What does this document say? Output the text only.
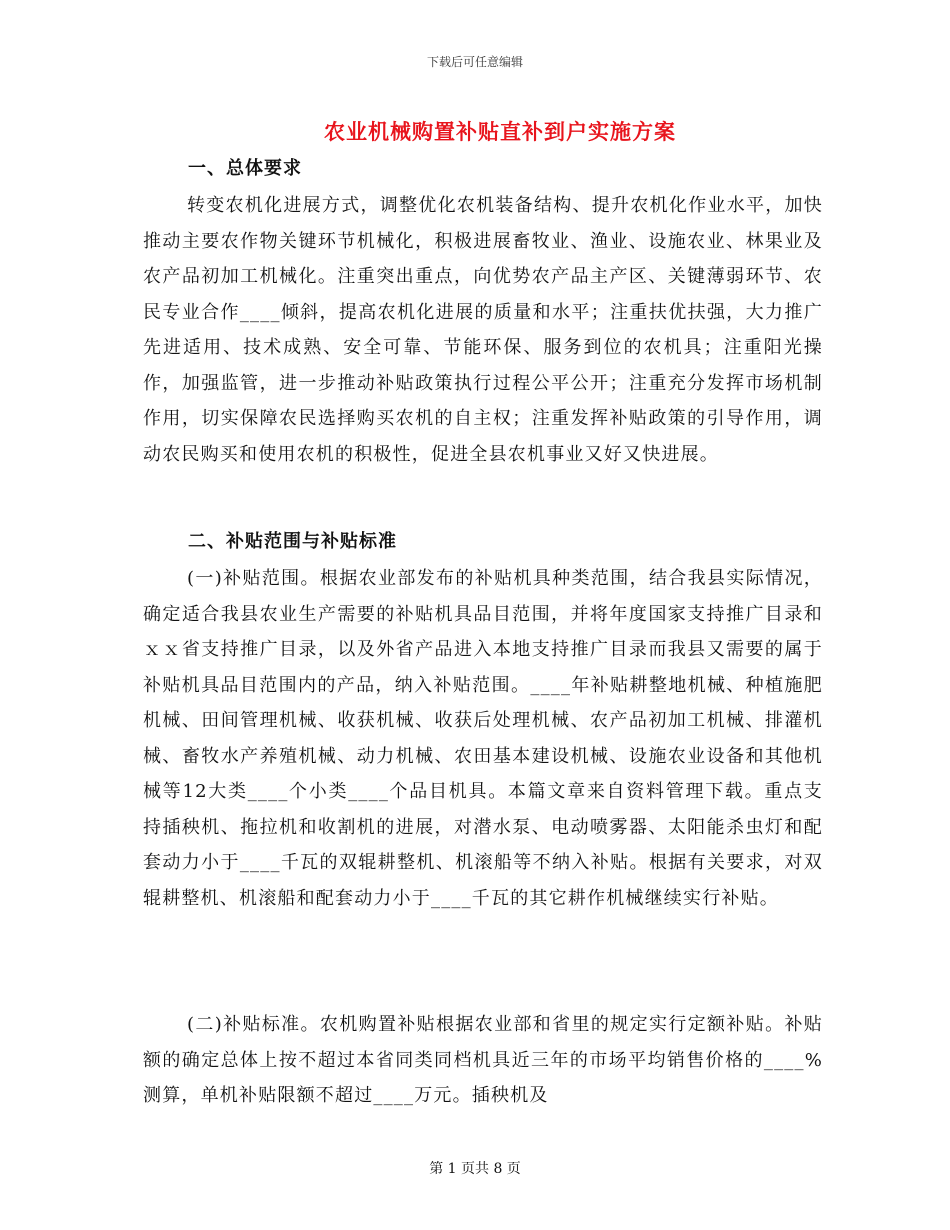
下载后可任意编辑
农业机械购置补贴直补到户实施方案
一、总体要求

转变农机化进展方式，调整优化农机装备结构、提升农机化作业水平，加快推动主要农作物关键环节机械化，积极进展畜牧业、渔业、设施农业、林果业及农产品初加工机械化。注重突出重点，向优势农产品主产区、关键薄弱环节、农民专业合作____倾斜，提高农机化进展的质量和水平；注重扶优扶强，大力推广先进适用、技术成熟、安全可靠、节能环保、服务到位的农机具；注重阳光操作，加强监管，进一步推动补贴政策执行过程公平公开；注重充分发挥市场机制作用，切实保障农民选择购买农机的自主权；注重发挥补贴政策的引导作用，调动农民购买和使用农机的积极性，促进全县农机事业又好又快进展。

二、补贴范围与补贴标准

(一)补贴范围。根据农业部发布的补贴机具种类范围，结合我县实际情况，确定适合我县农业生产需要的补贴机具品目范围，并将年度国家支持推广目录和ｘｘ省支持推广目录，以及外省产品进入本地支持推广目录而我县又需要的属于补贴机具品目范围内的产品，纳入补贴范围。____年补贴耕整地机械、种植施肥机械、田间管理机械、收获机械、收获后处理机械、农产品初加工机械、排灌机械、畜牧水产养殖机械、动力机械、农田基本建设机械、设施农业设备和其他机械等12大类____个小类____个品目机具。本篇文章来自资料管理下载。重点支持插秧机、拖拉机和收割机的进展，对潜水泵、电动喷雾器、太阳能杀虫灯和配套动力小于____千瓦的双辊耕整机、机滚船等不纳入补贴。根据有关要求，对双辊耕整机、机滚船和配套动力小于____千瓦的其它耕作机械继续实行补贴。

(二)补贴标准。农机购置补贴根据农业部和省里的规定实行定额补贴。补贴额的确定总体上按不超过本省同类同档机具近三年的市场平均销售价格的____%测算，单机补贴限额不超过____万元。插秧机及

第 1 页共 8 页
